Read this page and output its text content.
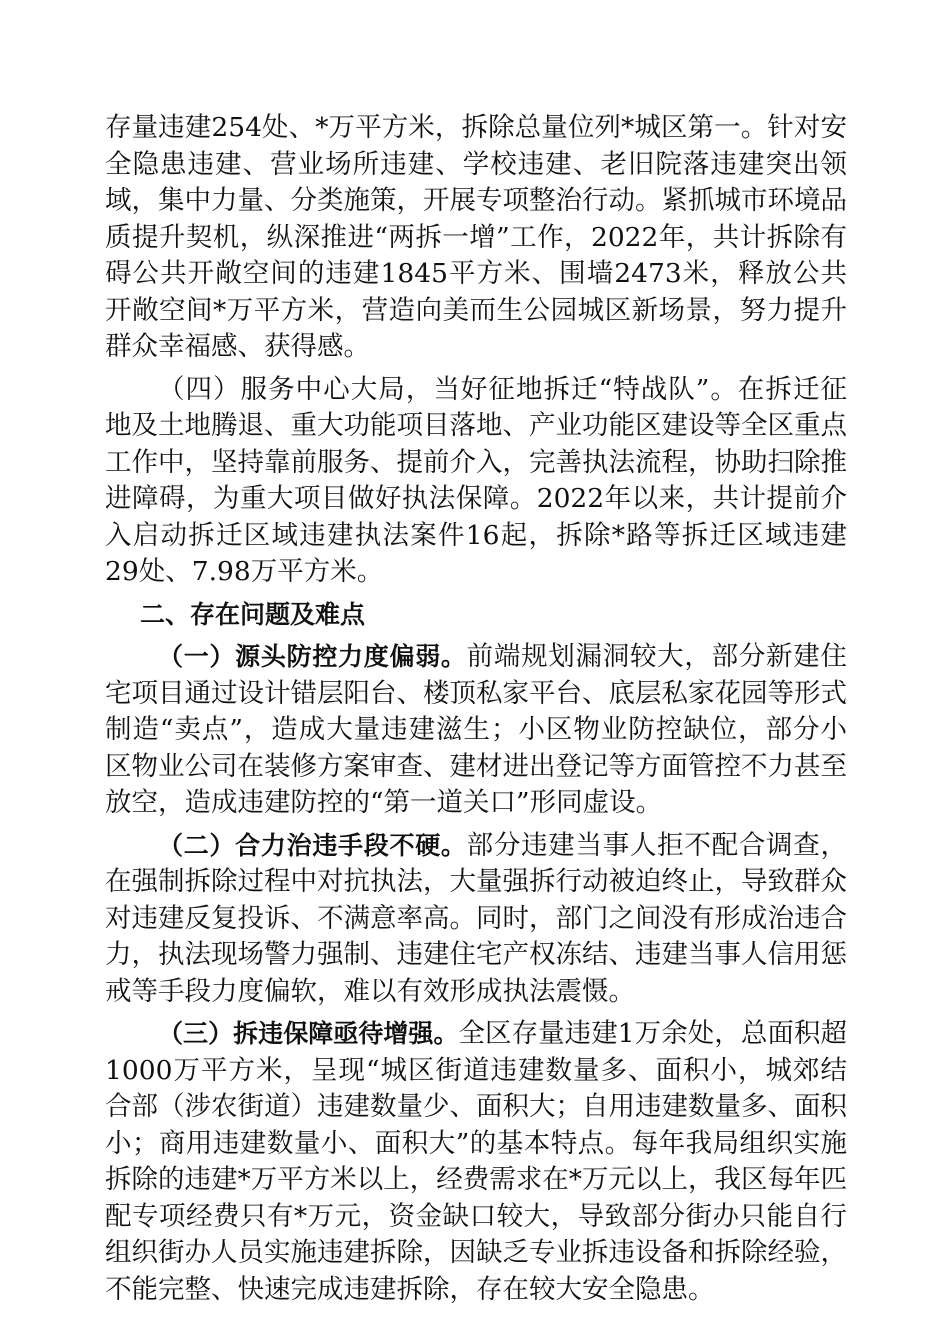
存量违建254处、*万平方米，拆除总量位列*城区第一。针对安全隐患违建、营业场所违建、学校违建、老旧院落违建突出领域，集中力量、分类施策，开展专项整治行动。紧抓城市环境品质提升契机，纵深推进“两拆一增”工作，2022年，共计拆除有碍公共开敞空间的违建1845平方米、围墙2473米，释放公共开敞空间*万平方米，营造向美而生公园城区新场景，努力提升群众幸福感、获得感。

（四）服务中心大局，当好征地拆迁“特战队”。在拆迁征地及土地腾退、重大功能项目落地、产业功能区建设等全区重点工作中，坚持靠前服务、提前介入，完善执法流程，协助扫除推进障碍，为重大项目做好执法保障。2022年以来，共计提前介入启动拆迁区域违建执法案件16起，拆除*路等拆迁区域违建29处、7.98万平方米。

二、存在问题及难点

（一）源头防控力度偏弱。前端规划漏洞较大，部分新建住宅项目通过设计错层阳台、楼顶私家平台、底层私家花园等形式制造“卖点”，造成大量违建滋生；小区物业防控缺位，部分小区物业公司在装修方案审查、建材进出登记等方面管控不力甚至放空，造成违建防控的“第一道关口”形同虚设。

（二）合力治违手段不硬。部分违建当事人拒不配合调查，在强制拆除过程中对抗执法，大量强拆行动被迫终止，导致群众对违建反复投诉、不满意率高。同时，部门之间没有形成治违合力，执法现场警力强制、违建住宅产权冻结、违建当事人信用惩戒等手段力度偏软，难以有效形成执法震慑。

（三）拆违保障亟待增强。全区存量违建1万余处，总面积超1000万平方米，呈现“城区街道违建数量多、面积小，城郊结合部（涉农街道）违建数量少、面积大；自用违建数量多、面积小；商用违建数量小、面积大”的基本特点。每年我局组织实施拆除的违建*万平方米以上，经费需求在*万元以上，我区每年匹配专项经费只有*万元，资金缺口较大，导致部分街办只能自行组织街办人员实施违建拆除，因缺乏专业拆违设备和拆除经验，不能完整、快速完成违建拆除，存在较大安全隐患。
